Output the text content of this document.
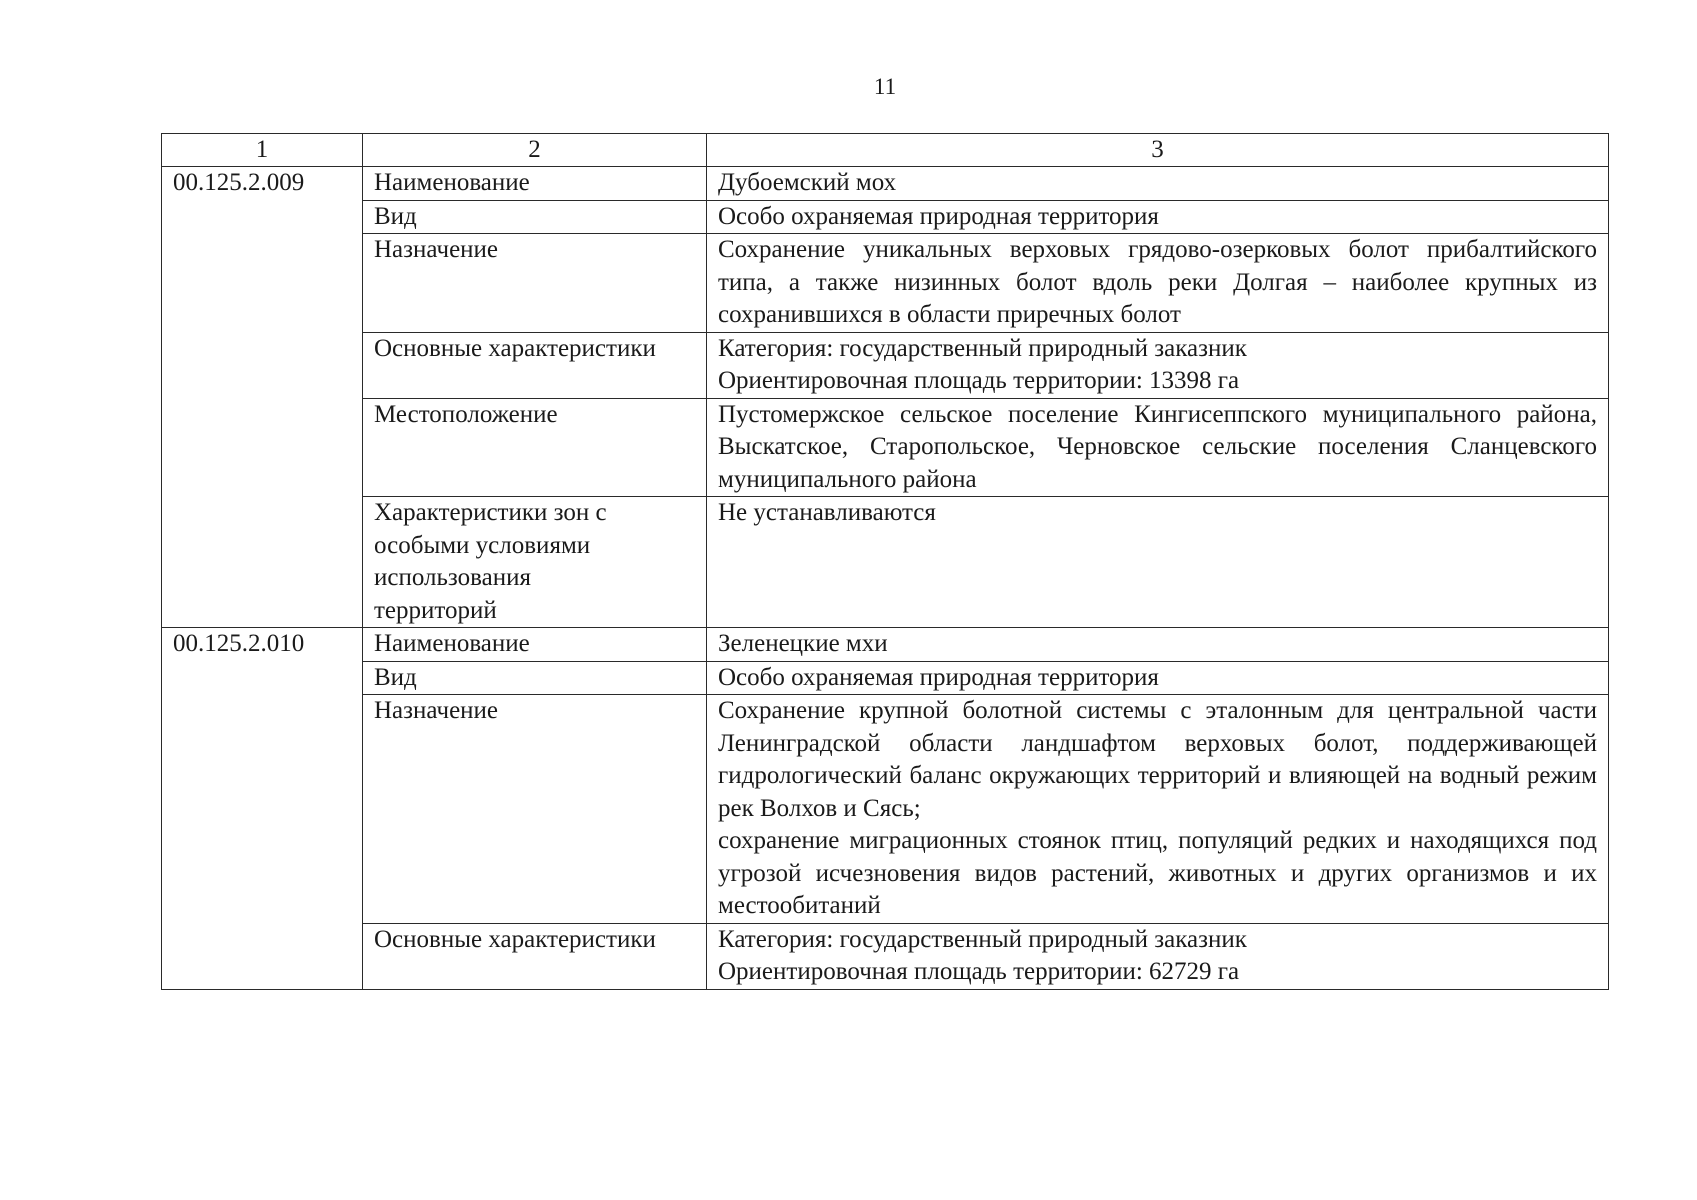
11
1	2	3
00.125.2.009	Наименование	Дубоемский мох

	Вид	Особо охраняемая природная территория

	Назначение	Сохранение уникальных верховых грядово-озерковых болот прибалтийского типа, а также низинных болот вдоль реки Долгая – наиболее крупных из сохранившихся в области приречных болот

	Основные характеристики	Категория: государственный природный заказник

Ориентировочная площадь территории: 13398 га

	Местоположение	Пустомержское сельское поселение Кингисеппского муниципального района, Выскатское, Старопольское, Черновское сельские поселения Сланцевского муниципального района

	Характеристики зон с особыми условиями использования территорий	Не устанавливаются

00.125.2.010	Наименование	Зеленецкие мхи

	Вид	Особо охраняемая природная территория

	Назначение	Сохранение крупной болотной системы с эталонным для центральной части Ленинградской области ландшафтом верховых болот, поддерживающей гидрологический баланс окружающих территорий и влияющей на водный режим рек Волхов и Сясь;

сохранение миграционных стоянок птиц, популяций редких и находящихся под угрозой исчезновения видов растений, животных и других организмов и их местообитаний

	Основные характеристики	Категория: государственный природный заказник

Ориентировочная площадь территории: 62729 га
